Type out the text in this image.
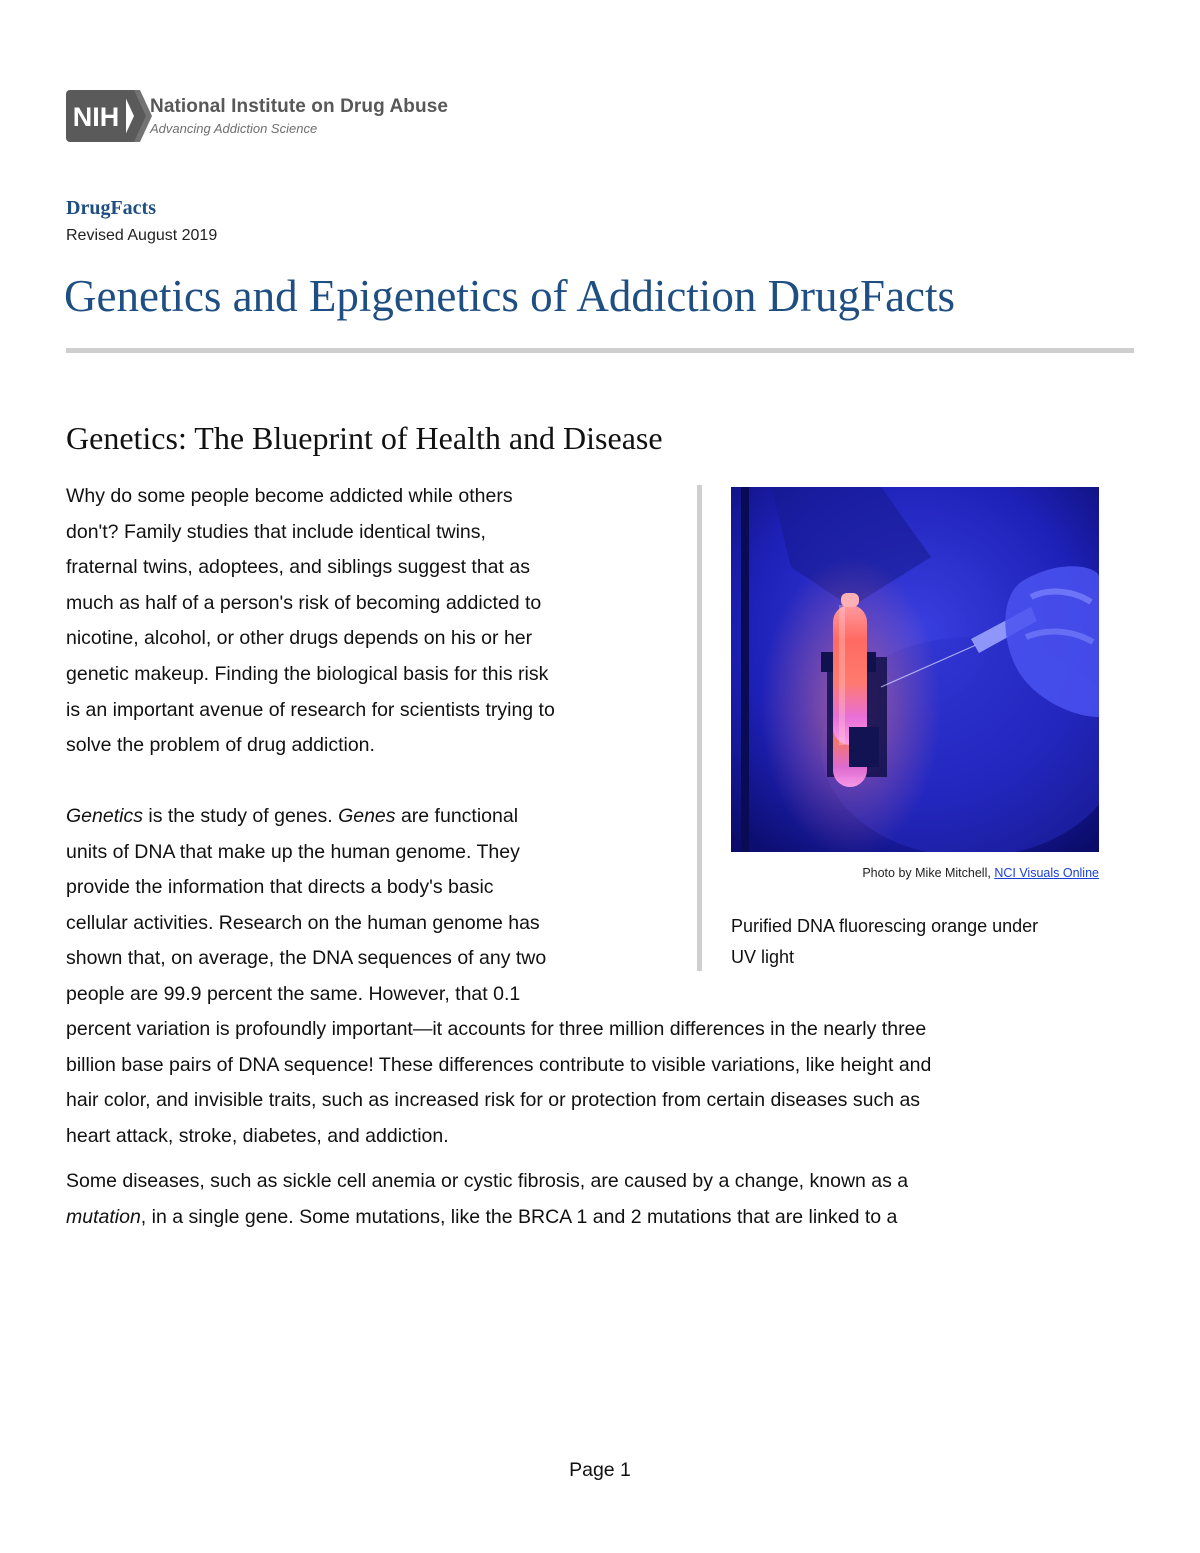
NIH National Institute on Drug Abuse
Advancing Addiction Science
DrugFacts
Revised August 2019
Genetics and Epigenetics of Addiction DrugFacts
Genetics: The Blueprint of Health and Disease

Why do some people become addicted while others
don't? Family studies that include identical twins,
fraternal twins, adoptees, and siblings suggest that as
much as half of a person's risk of becoming addicted to
nicotine, alcohol, or other drugs depends on his or her
genetic makeup. Finding the biological basis for this risk
is an important avenue of research for scientists trying to
solve the problem of drug addiction.

Genetics is the study of genes. Genes are functional
units of DNA that make up the human genome. They
provide the information that directs a body's basic
cellular activities. Research on the human genome has
shown that, on average, the DNA sequences of any two
people are 99.9 percent the same. However, that 0.1

percent variation is profoundly important—it accounts for three million differences in the nearly three
billion base pairs of DNA sequence! These differences contribute to visible variations, like height and
hair color, and invisible traits, such as increased risk for or protection from certain diseases such as
heart attack, stroke, diabetes, and addiction.

Some diseases, such as sickle cell anemia or cystic fibrosis, are caused by a change, known as a
mutation, in a single gene. Some mutations, like the BRCA 1 and 2 mutations that are linked to a

Photo by Mike Mitchell, NCI Visuals Online

Purified DNA fluorescing orange under
UV light

Page 1
